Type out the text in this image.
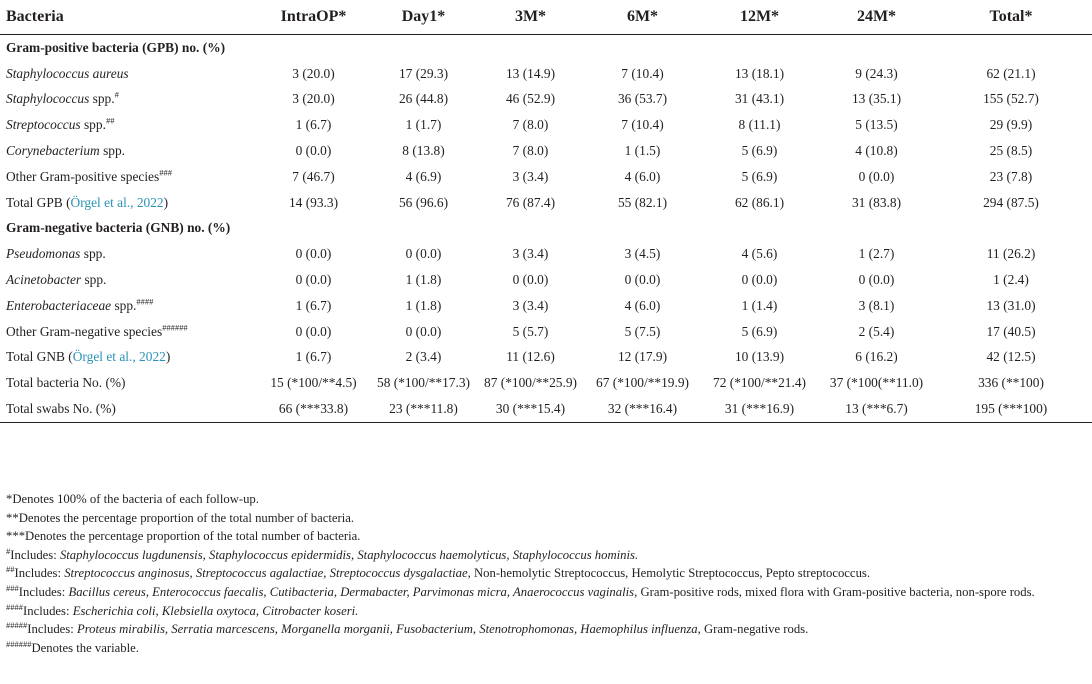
Bacteria	IntraOP*	Day1*	3M*	6M*	12M*	24M*	Total*
Gram-positive bacteria (GPB) no. (%)							
Staphylococcus aureus	3 (20.0)	17 (29.3)	13 (14.9)	7 (10.4)	13 (18.1)	9 (24.3)	62 (21.1)
Staphylococcus spp.#	3 (20.0)	26 (44.8)	46 (52.9)	36 (53.7)	31 (43.1)	13 (35.1)	155 (52.7)
Streptococcus spp.##	1 (6.7)	1 (1.7)	7 (8.0)	7 (10.4)	8 (11.1)	5 (13.5)	29 (9.9)
Corynebacterium spp.	0 (0.0)	8 (13.8)	7 (8.0)	1 (1.5)	5 (6.9)	4 (10.8)	25 (8.5)
Other Gram-positive species###	7 (46.7)	4 (6.9)	3 (3.4)	4 (6.0)	5 (6.9)	0 (0.0)	23 (7.8)
Total GPB (Örgel et al., 2022)	14 (93.3)	56 (96.6)	76 (87.4)	55 (82.1)	62 (86.1)	31 (83.8)	294 (87.5)
Gram-negative bacteria (GNB) no. (%)							
Pseudomonas spp.	0 (0.0)	0 (0.0)	3 (3.4)	3 (4.5)	4 (5.6)	1 (2.7)	11 (26.2)
Acinetobacter spp.	0 (0.0)	1 (1.8)	0 (0.0)	0 (0.0)	0 (0.0)	0 (0.0)	1 (2.4)
Enterobacteriaceae spp.####	1 (6.7)	1 (1.8)	3 (3.4)	4 (6.0)	1 (1.4)	3 (8.1)	13 (31.0)
Other Gram-negative species######	0 (0.0)	0 (0.0)	5 (5.7)	5 (7.5)	5 (6.9)	2 (5.4)	17 (40.5)
Total GNB (Örgel et al., 2022)	1 (6.7)	2 (3.4)	11 (12.6)	12 (17.9)	10 (13.9)	6 (16.2)	42 (12.5)
Total bacteria No. (%)	15 (*100/**4.5)	58 (*100/**17.3)	87 (*100/**25.9)	67 (*100/**19.9)	72 (*100/**21.4)	37 (*100(**11.0)	336 (**100)
Total swabs No. (%)	66 (***33.8)	23 (***11.8)	30 (***15.4)	32 (***16.4)	31 (***16.9)	13 (***6.7)	195 (***100)

*Denotes 100% of the bacteria of each follow-up.

**Denotes the percentage proportion of the total number of bacteria.

***Denotes the percentage proportion of the total number of bacteria.

#Includes: Staphylococcus lugdunensis, Staphylococcus epidermidis, Staphylococcus haemolyticus, Staphylococcus hominis.

##Includes: Streptococcus anginosus, Streptococcus agalactiae, Streptococcus dysgalactiae, Non-hemolytic Streptococcus, Hemolytic Streptococcus, Pepto streptococcus.

###Includes: Bacillus cereus, Enterococcus faecalis, Cutibacteria, Dermabacter, Parvimonas micra, Anaerococcus vaginalis, Gram-positive rods, mixed flora with Gram-positive bacteria, non-spore rods.

####Includes: Escherichia coli, Klebsiella oxytoca, Citrobacter koseri.

#####Includes: Proteus mirabilis, Serratia marcescens, Morganella morganii, Fusobacterium, Stenotrophomonas, Haemophilus influenza, Gram-negative rods.

######Denotes the variable.
